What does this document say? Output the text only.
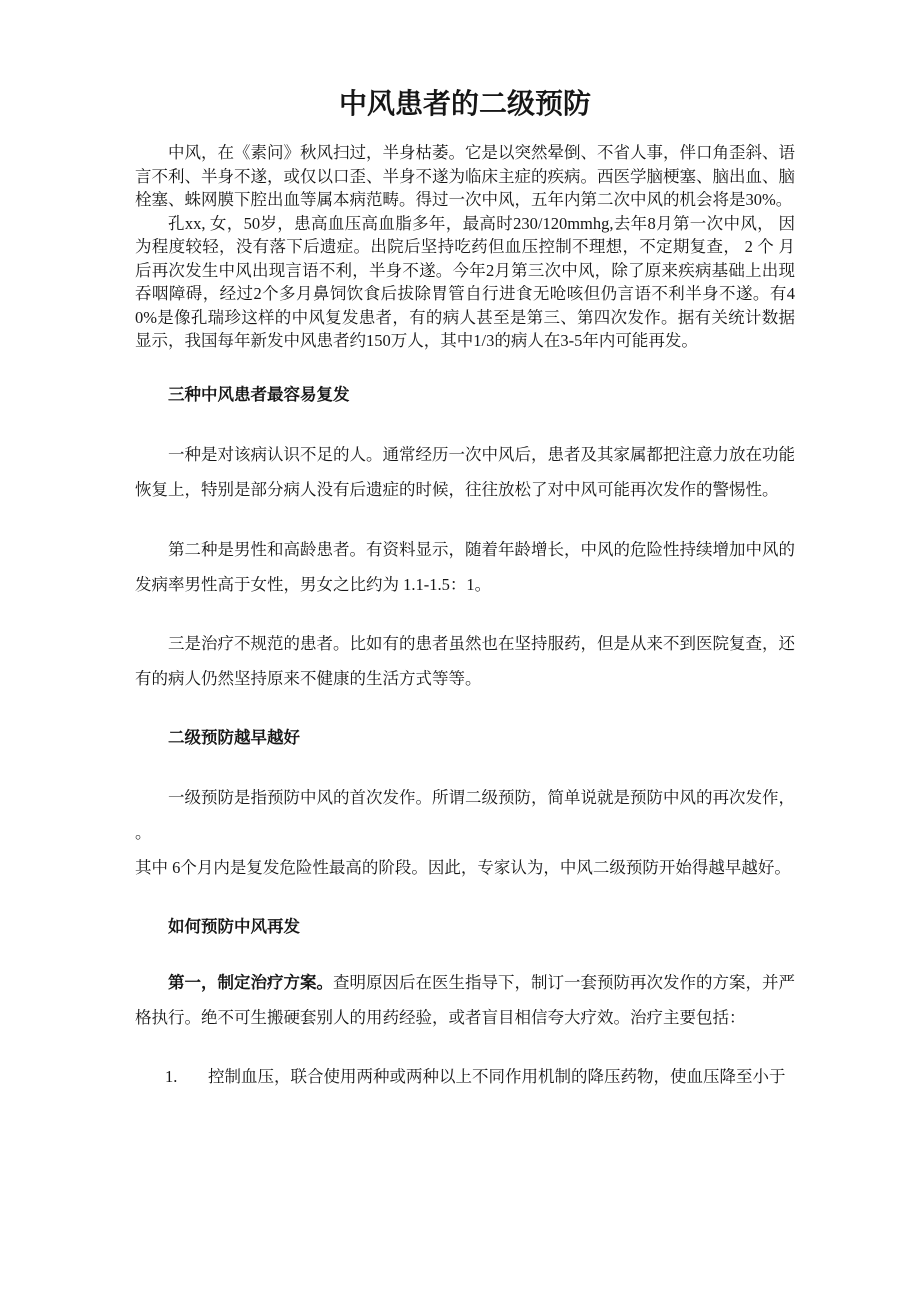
中风患者的二级预防

中风，在《素问》秋风扫过，半身枯萎。它是以突然晕倒、不省人事，伴口角歪斜、语言不利、半身不遂，或仅以口歪、半身不遂为临床主症的疾病。西医学脑梗塞、脑出血、脑栓塞、蛛网膜下腔出血等属本病范畴。得过一次中风，五年内第二次中风的机会将是30%。

孔xx, 女，50岁，患高血压高血脂多年，最高时230/120mmhg,去年8月第一次中风， 因为程度较轻，没有落下后遗症。出院后坚持吃药但血压控制不理想，不定期复查， 2 个 月后再次发生中风出现言语不利，半身不遂。今年2月第三次中风，除了原来疾病基础上出现吞咽障碍，经过2个多月鼻饲饮食后拔除胃管自行进食无呛咳但仍言语不利半身不遂。有40%是像孔瑞珍这样的中风复发患者，有的病人甚至是第三、第四次发作。据有关统计数据显示，我国每年新发中风患者约150万人，其中1/3的病人在3-5年内可能再发。

三种中风患者最容易复发

一种是对该病认识不足的人。通常经历一次中风后，患者及其家属都把注意力放在功能恢复上，特别是部分病人没有后遗症的时候，往往放松了对中风可能再次发作的警惕性。

第二种是男性和高龄患者。有资料显示，随着年龄增长，中风的危险性持续增加中风的发病率男性高于女性，男女之比约为 1.1-1.5：1。

三是治疗不规范的患者。比如有的患者虽然也在坚持服药，但是从来不到医院复查，还有的病人仍然坚持原来不健康的生活方式等等。

二级预防越早越好

一级预防是指预防中风的首次发作。所谓二级预防，简单说就是预防中风的再次发作， 。

其中 6个月内是复发危险性最高的阶段。因此，专家认为，中风二级预防开始得越早越好。

如何预防中风再发

第一，制定治疗方案。查明原因后在医生指导下，制订一套预防再次发作的方案，并严格执行。绝不可生搬硬套别人的用药经验，或者盲目相信夸大疗效。治疗主要包括：

1. 控制血压，联合使用两种或两种以上不同作用机制的降压药物，使血压降至小于
